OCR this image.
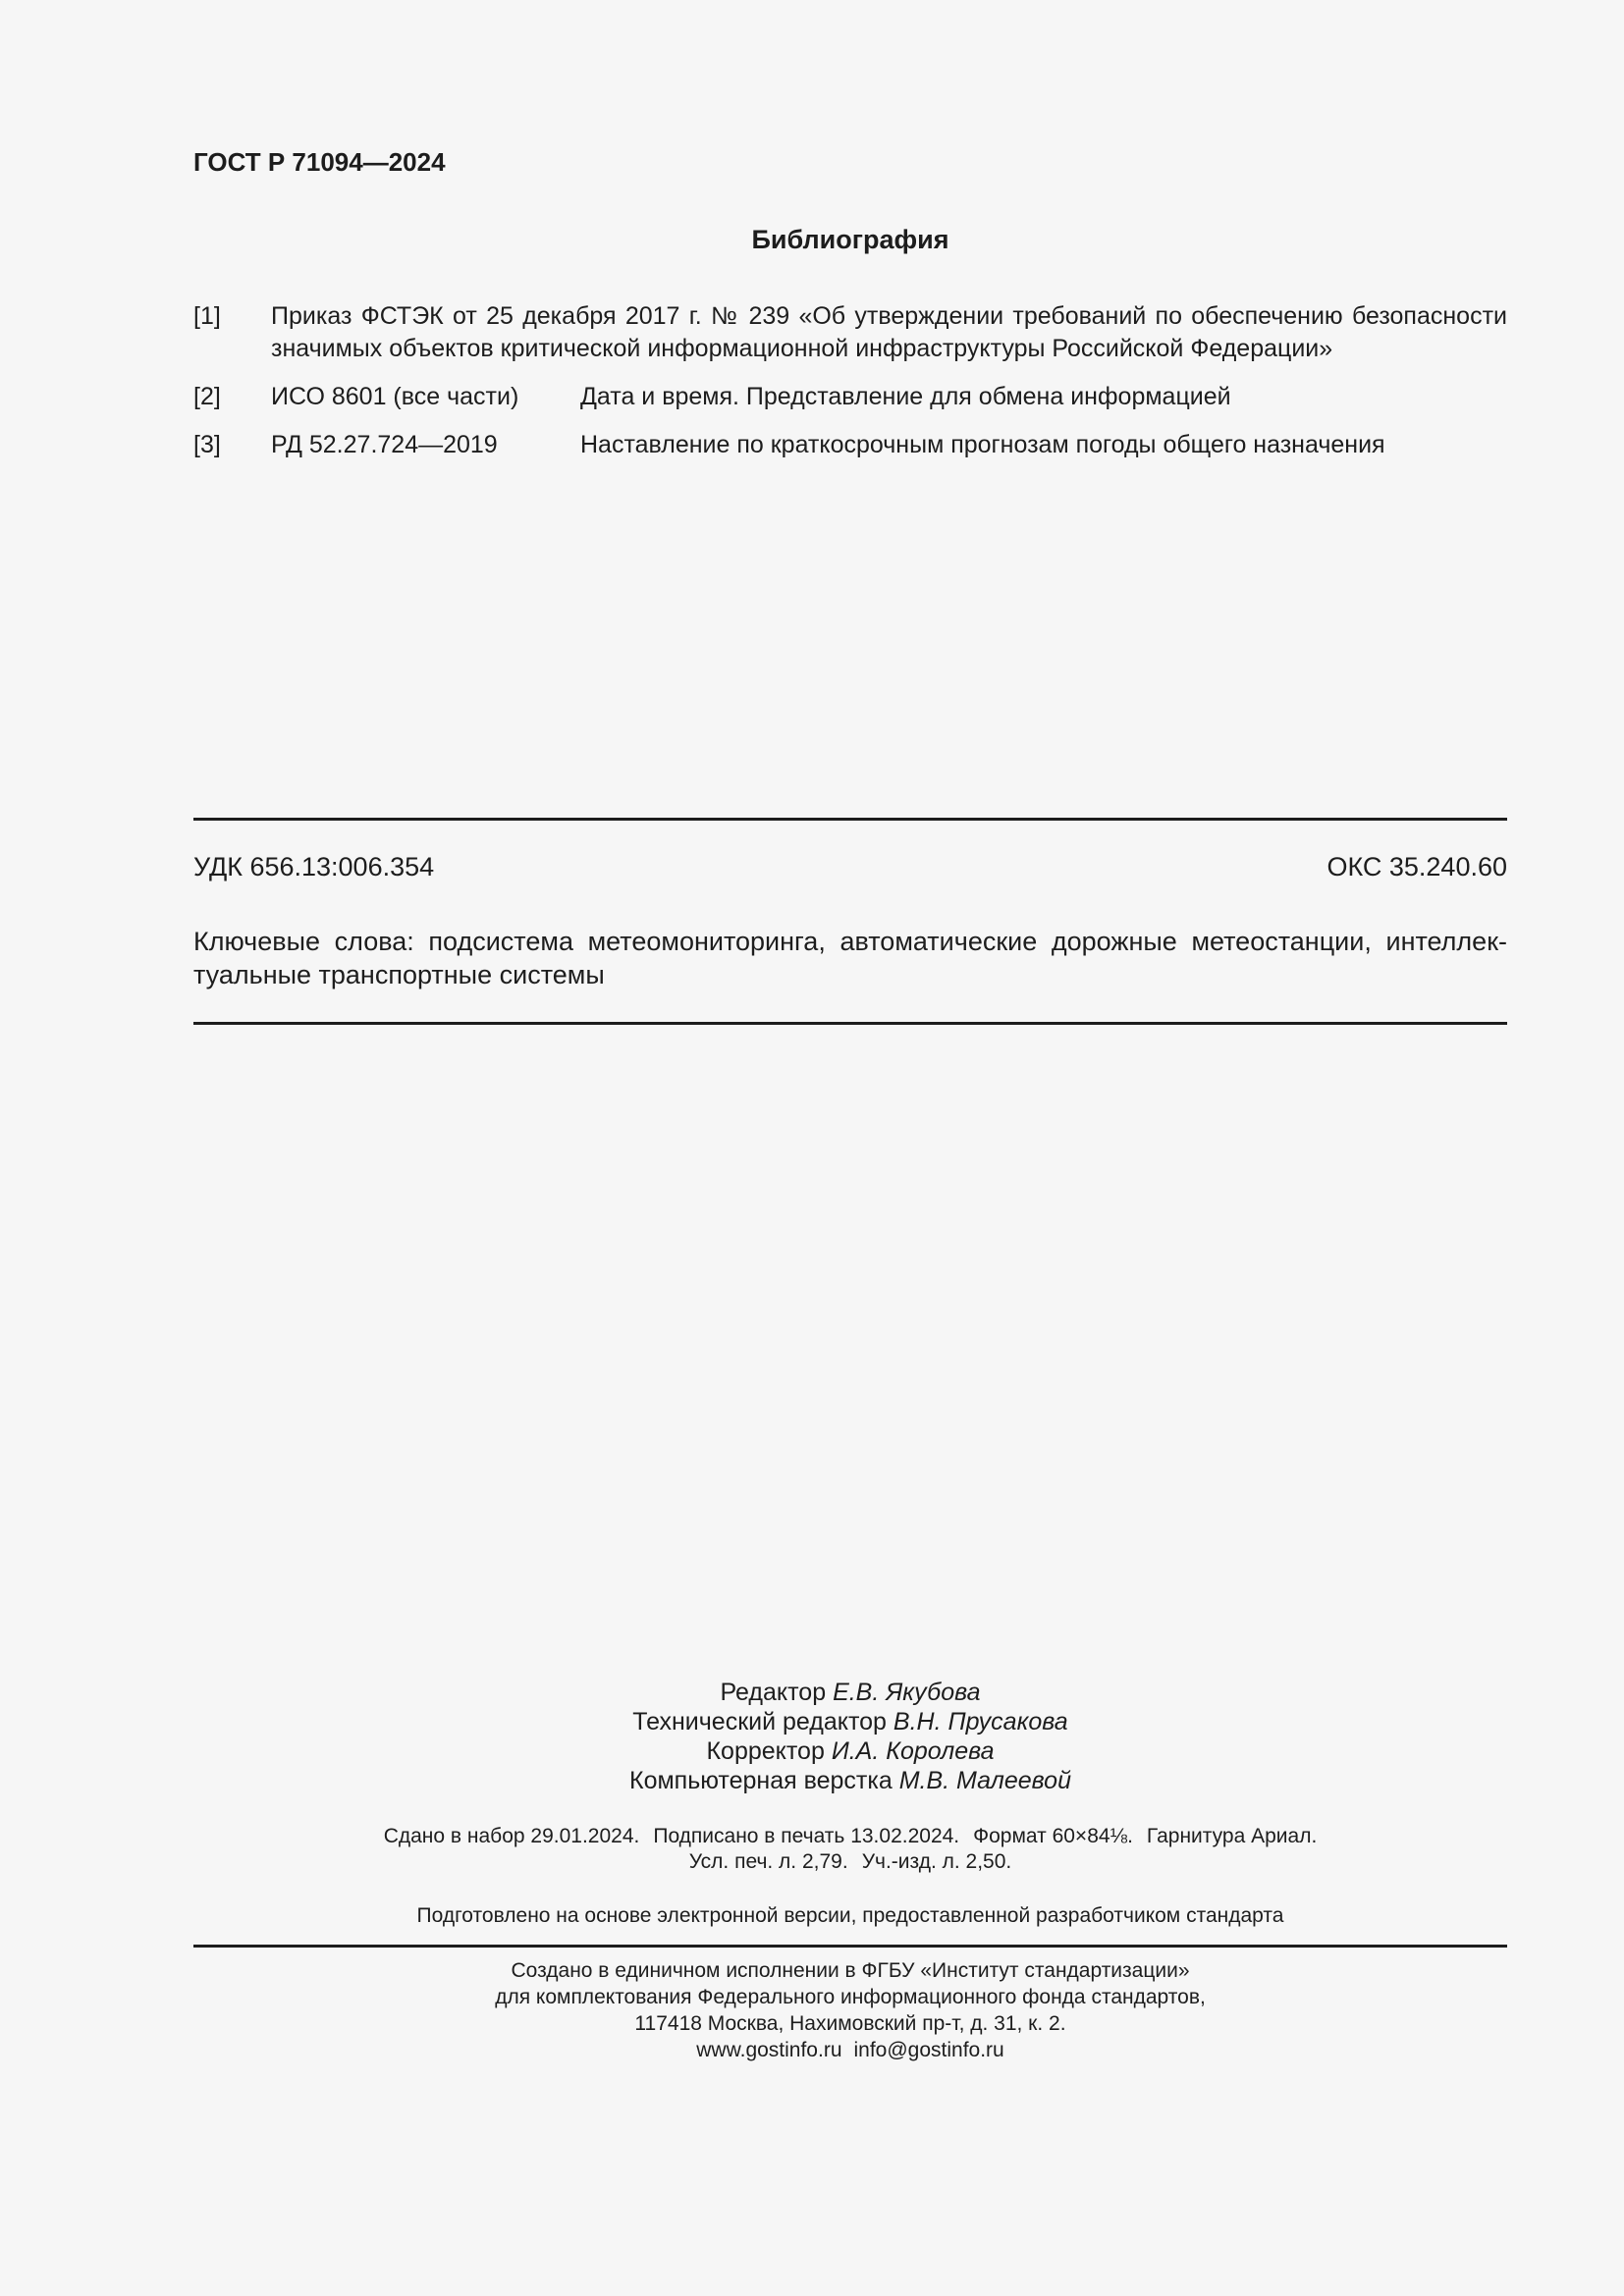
ГОСТ Р 71094—2024
Библиография
[1] Приказ ФСТЭК от 25 декабря 2017 г. № 239 «Об утверждении требований по обеспечению безопасности значимых объектов критической информационной инфраструктуры Российской Федерации»
[2] ИСО 8601 (все части)	Дата и время. Представление для обмена информацией
[3] РД 52.27.724—2019	Наставление по краткосрочным прогнозам погоды общего назначения
УДК 656.13:006.354	ОКС 35.240.60
Ключевые слова: подсистема метеомониторинга, автоматические дорожные метеостанции, интеллек-туальные транспортные системы
Редактор Е.В. Якубова
Технический редактор В.Н. Прусакова
Корректор И.А. Королева
Компьютерная верстка М.В. Малеевой
Сдано в набор 29.01.2024. Подписано в печать 13.02.2024. Формат 60×84⅛. Гарнитура Ариал.
Усл. печ. л. 2,79. Уч.-изд. л. 2,50.
Подготовлено на основе электронной версии, предоставленной разработчиком стандарта
Создано в единичном исполнении в ФГБУ «Институт стандартизации»
для комплектования Федерального информационного фонда стандартов,
117418 Москва, Нахимовский пр-т, д. 31, к. 2.
www.gostinfo.ru info@gostinfo.ru
